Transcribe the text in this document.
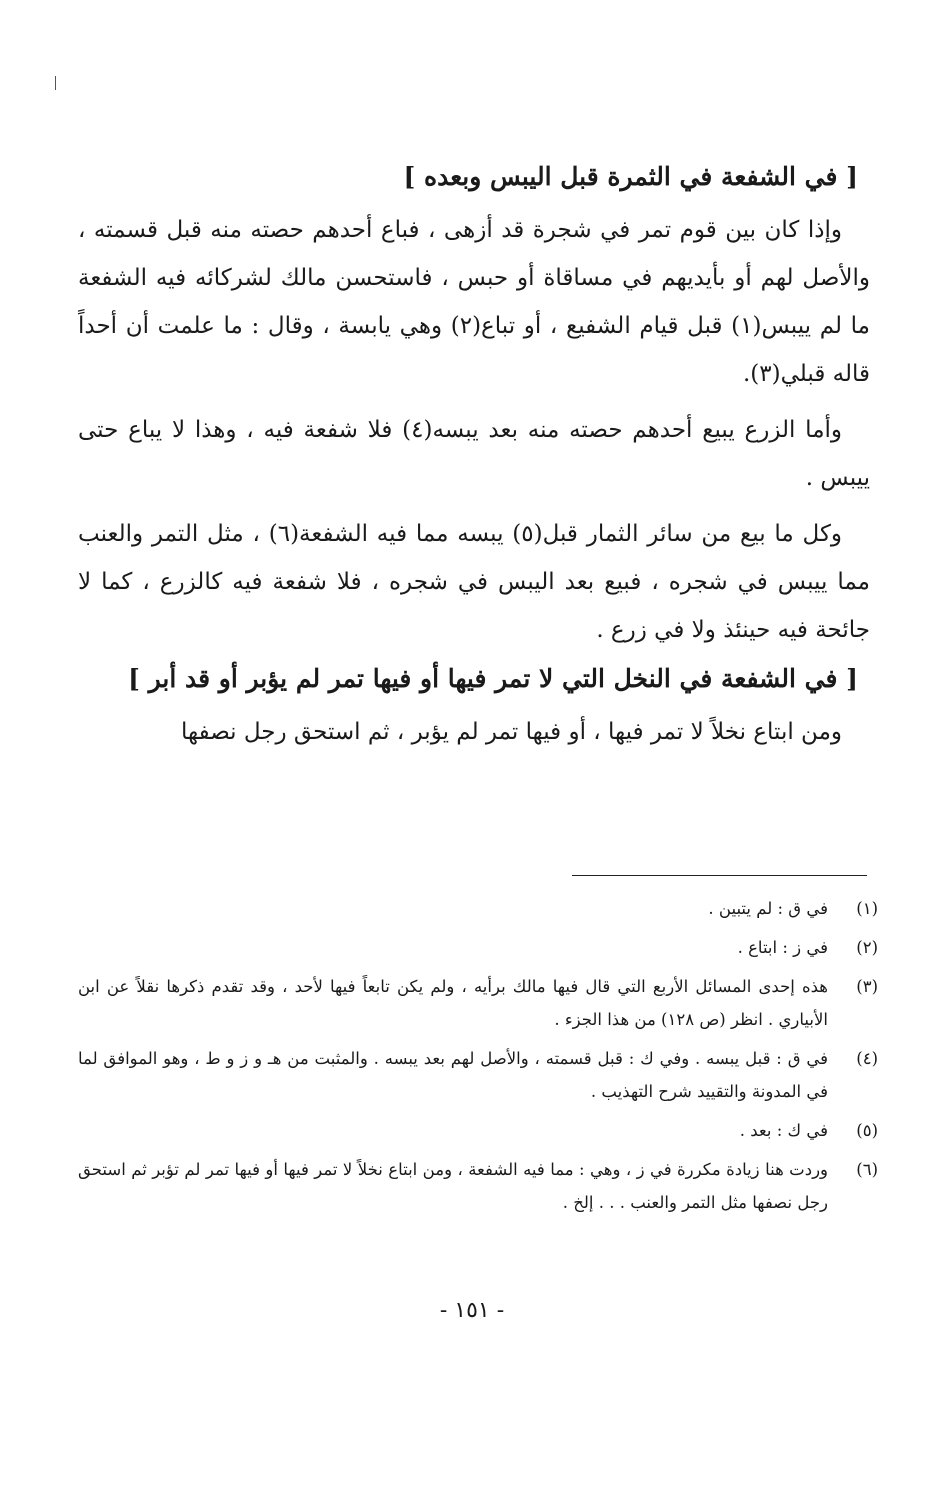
[ في الشفعة في الثمرة قبل اليبس وبعده ]

وإذا كان بين قوم تمر في شجرة قد أزهى ، فباع أحدهم حصته منه قبل قسمته ، والأصل لهم أو بأيديهم في مساقاة أو حبس ، فاستحسن مالك لشركائه فيه الشفعة ما لم ييبس(١) قبل قيام الشفيع ، أو تباع(٢) وهي يابسة ، وقال : ما علمت أن أحداً قاله قبلي(٣).

وأما الزرع يبيع أحدهم حصته منه بعد يبسه(٤) فلا شفعة فيه ، وهذا لا يباع حتى ييبس .

وكل ما بيع من سائر الثمار قبل(٥) يبسه مما فيه الشفعة(٦) ، مثل التمر والعنب مما ييبس في شجره ، فبيع بعد اليبس في شجره ، فلا شفعة فيه كالزرع ، كما لا جائحة فيه حينئذ ولا في زرع .

[ في الشفعة في النخل التي لا تمر فيها أو فيها تمر لم يؤبر أو قد أبر ]

ومن ابتاع نخلاً لا تمر فيها ، أو فيها تمر لم يؤبر ، ثم استحق رجل نصفها

(١)
في ق : لم يتبين .
(٢)
في ز : ابتاع .
(٣)
هذه إحدى المسائل الأربع التي قال فيها مالك برأيه ، ولم يكن تابعاً فيها لأحد ، وقد تقدم ذكرها نقلاً عن ابن الأبياري . انظر (ص ١٢٨) من هذا الجزء .
(٤)
في ق : قبل يبسه . وفي ك : قبل قسمته ، والأصل لهم بعد يبسه . والمثبت من هـ و ز و ط ، وهو الموافق لما في المدونة والتقييد شرح التهذيب .
(٥)
في ك : بعد .
(٦)
وردت هنا زيادة مكررة في ز ، وهي : مما فيه الشفعة ، ومن ابتاع نخلاً لا تمر فيها أو فيها تمر لم تؤبر ثم استحق رجل نصفها مثل التمر والعنب . . . إلخ .
- ١٥١ -
